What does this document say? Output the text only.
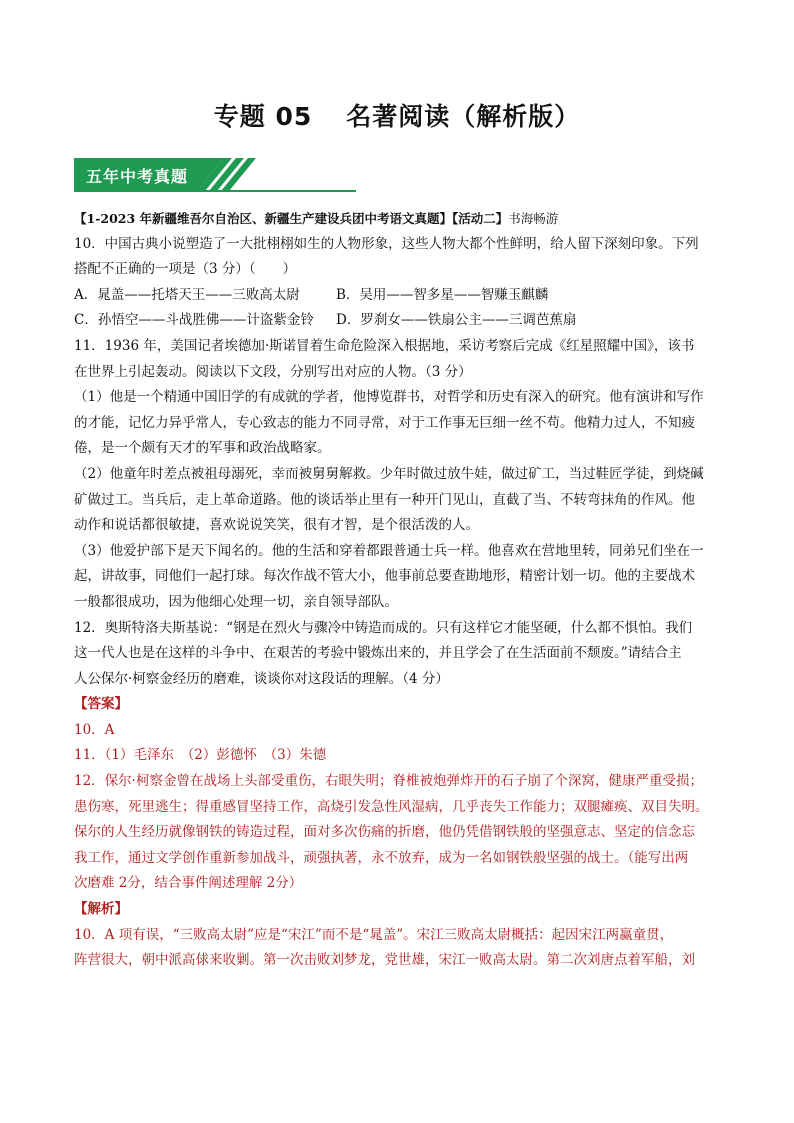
专题 05 名著阅读（解析版）
五年中考真题
【1-2023 年新疆维吾尔自治区、新疆生产建设兵团中考语文真题】【活动二】书海畅游
10．中国古典小说塑造了一大批栩栩如生的人物形象，这些人物大都个性鲜明，给人留下深刻印象。下列
搭配不正确的一项是（3 分）（　　）
A．晁盖——托塔天王——三败高太尉	B．吴用——智多星——智赚玉麒麟
C．孙悟空——斗战胜佛——计盗紫金铃	D．罗刹女——铁扇公主——三调芭蕉扇
11．1936 年，美国记者埃德加·斯诺冒着生命危险深入根据地，采访考察后完成《红星照耀中国》，该书
在世界上引起轰动。阅读以下文段，分别写出对应的人物。（3 分）
（1）他是一个精通中国旧学的有成就的学者，他博览群书，对哲学和历史有深入的研究。他有演讲和写作
的才能，记忆力异乎常人，专心致志的能力不同寻常，对于工作事无巨细一丝不苟。他精力过人，不知疲
倦，是一个颇有天才的军事和政治战略家。
（2）他童年时差点被祖母溺死，幸而被舅舅解救。少年时做过放牛娃，做过矿工，当过鞋匠学徒，到烧碱
矿做过工。当兵后，走上革命道路。他的谈话举止里有一种开门见山，直截了当、不转弯抹角的作风。他
动作和说话都很敏捷，喜欢说说笑笑，很有才智，是个很活泼的人。
（3）他爱护部下是天下闻名的。他的生活和穿着都跟普通士兵一样。他喜欢在营地里转，同弟兄们坐在一
起，讲故事，同他们一起打球。每次作战不管大小，他事前总要查勘地形，精密计划一切。他的主要战术
一般都很成功，因为他细心处理一切，亲自领导部队。
12．奥斯特洛夫斯基说：“钢是在烈火与骤冷中铸造而成的。只有这样它才能坚硬，什么都不惧怕。我们
这一代人也是在这样的斗争中、在艰苦的考验中锻炼出来的，并且学会了在生活面前不颓废。”请结合主
人公保尔·柯察金经历的磨难，谈谈你对这段话的理解。（4 分）
【答案】
10．A
11．（1）毛泽东　（2）彭德怀　（3）朱德
12．保尔·柯察金曾在战场上头部受重伤，右眼失明；脊椎被炮弹炸开的石子崩了个深窝，健康严重受损；
患伤寒，死里逃生；得重感冒坚持工作，高烧引发急性风湿病，几乎丧失工作能力；双腿瘫痪、双目失明。
保尔的人生经历就像钢铁的铸造过程，面对多次伤痛的折磨，他仍凭借钢铁般的坚强意志、坚定的信念忘
我工作，通过文学创作重新参加战斗，顽强执著，永不放弃，成为一名如钢铁般坚强的战士。（能写出两
次磨难 2分，结合事件阐述理解 2分）
【解析】
10．A 项有误，“三败高太尉”应是“宋江”而不是“晁盖”。宋江三败高太尉概括：起因宋江两赢童贯，
阵营很大，朝中派高俅来收剿。第一次击败刘梦龙，党世雄，宋江一败高太尉。第二次刘唐点着军船，刘
